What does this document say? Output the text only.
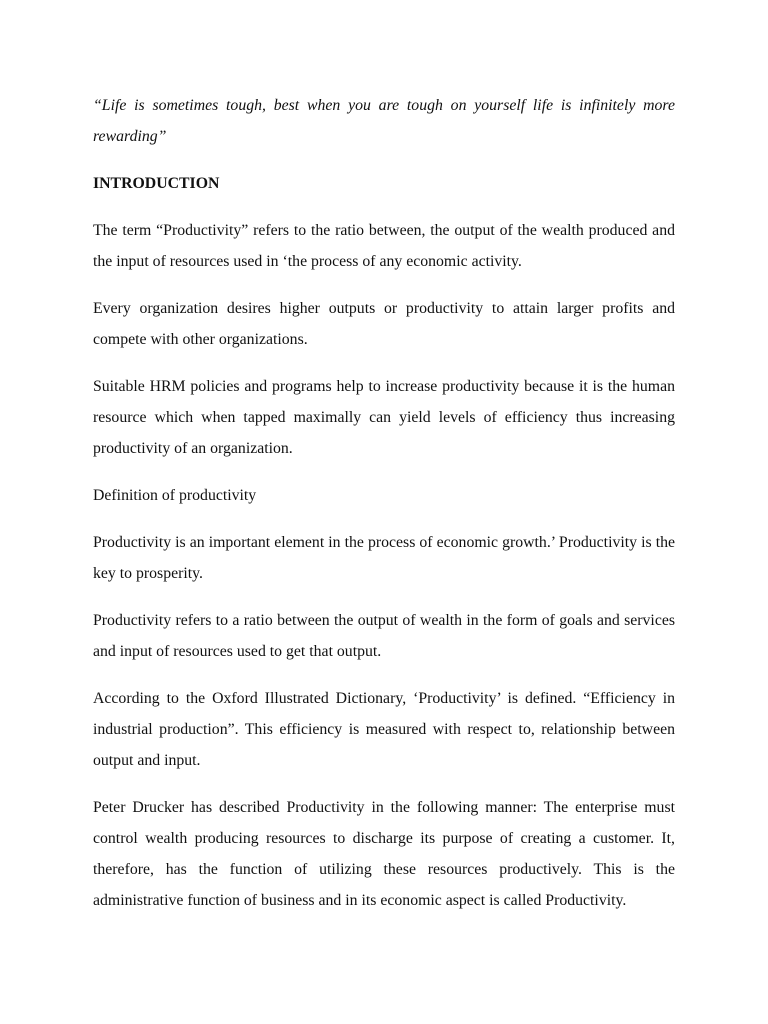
“Life is sometimes tough, best when you are tough on yourself life is infinitely more rewarding”

INTRODUCTION

The term “Productivity” refers to the ratio between, the output of the wealth produced and the input of resources used in ‘the process of any economic activity.

Every organization desires higher outputs or productivity to attain larger profits and compete with other organizations.

Suitable HRM policies and programs help to increase productivity because it is the human resource which when tapped maximally can yield levels of efficiency thus increasing productivity of an organization.

Definition of productivity

Productivity is an important element in the process of economic growth.’ Productivity is the key to prosperity.

Productivity refers to a ratio between the output of wealth in the form of goals and services and input of resources used to get that output.

According to the Oxford Illustrated Dictionary, ‘Productivity’ is defined. “Efficiency in industrial production”. This efficiency is measured with respect to, relationship between output and input.

Peter Drucker has described Productivity in the following manner: The enterprise must control wealth producing resources to discharge its purpose of creating a customer. It, therefore, has the function of utilizing these resources productively. This is the administrative function of business and in its economic aspect is called Productivity.
